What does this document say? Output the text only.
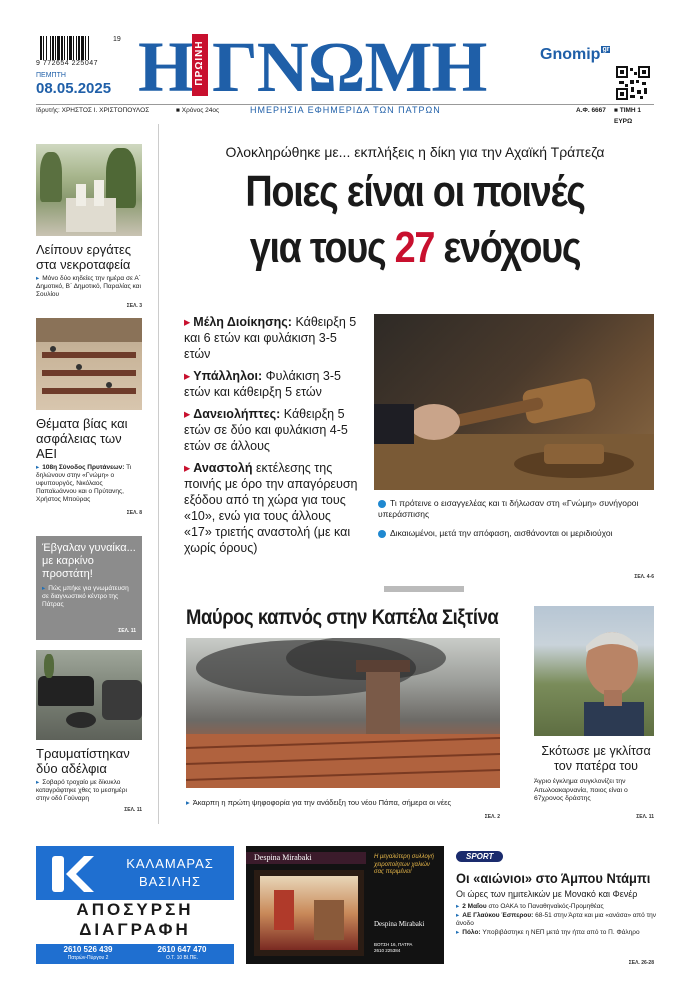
19
9 772654 225047
ΠΕΜΠΤΗ
08.05.2025 Η ΠΡΩΙΝΗ ΓΝΩΜΗ	Gnomip $^{gr}$
Ιδρυτής: ΧΡΗΣΤΟΣ Ι. ΧΡΙΣΤΟΠΟΥΛΟΣ	■ Χρόνος 24ος	ΗΜΕΡΗΣΙΑ ΕΦΗΜΕΡΙΔΑ ΤΩΝ ΠΑΤΡΩΝ	Α.Φ. 6667 ■ ΤΙΜΗ 1 ΕΥΡΩ
Λείπουν εργάτες στα νεκροταφεία
▸ Μόνο δύο κηδείες την ημέρα σε Α΄ Δημοτικό, Β΄ Δημοτικό, Παραλίας και Σουλίου
ΣΕΛ. 3
Θέματα βίας και ασφάλειας των ΑΕΙ
▸ 108η Σύνοδος Πρυτάνεων: Τι δηλώνουν στην «Γνώμη» ο υφυπουργός, Νικόλαος Παπαϊωάννου και ο Πρύτανης, Χρήστος Μπούρας
ΣΕΛ. 8
Έβγαλαν γυναίκα... με καρκίνο προστάτη!
▸ Πώς μπήκε για γνωμάτευση σε διαγνωστικό κέντρο της Πάτρας
ΣΕΛ. 11
Τραυματίστηκαν δύο αδέλφια
▸ Σοβαρό τροχαίο με δίκυκλο καταγράφτηκε χθες το μεσημέρι στην οδό Γούναρη
ΣΕΛ. 11
Ολοκληρώθηκε με... εκπλήξεις η δίκη για την Αχαϊκή Τράπεζα
Ποιες είναι οι ποινές
για τους 27 ενόχους
▸ Μέλη Διοίκησης: Κάθειρξη 5 και 6 ετών και φυλάκιση 3-5 ετών
▸ Υπάλληλοι: Φυλάκιση 3-5 ετών και κάθειρξη 5 ετών
▸ Δανειολήπτες: Κάθειρξη 5 ετών σε δύο και φυλάκιση 4-5 ετών σε άλλους
▸ Αναστολή εκτέλεσης της ποινής με όρο την απαγόρευση εξόδου από τη χώρα για τους «10», ενώ για τους άλλους «17» τριετής αναστολή (με και χωρίς όρους)
Τι πρότεινε ο εισαγγελέας και τι δήλωσαν στη «Γνώμη» συνήγοροι υπεράσπισης
Δικαιωμένοι, μετά την απόφαση, αισθάνονται οι μεριδιούχοι
ΣΕΛ. 4-6
Μαύρος καπνός στην Καπέλα Σιξτίνα
▸ Άκαρπη η πρώτη ψηφοφορία για την ανάδειξη του νέου Πάπα, σήμερα οι νέες
ΣΕΛ. 2
Σκότωσε με γκλίτσα τον πατέρα του
Άγριο έγκλημα συγκλονίζει την Αιτωλοακαρνανία, ποιος είναι ο 67χρονος δράστης
ΣΕΛ. 11
ΚΑΛΑΜΑΡΑΣ
ΒΑΣΙΛΗΣ
ΑΠΟΣΥΡΣΗ
ΔΙΑΓΡΑΦΗ
2610 526 439	2610 647 470
Πατρών-Πύργου 2	Ο.Τ. 10 ΒΙ.ΠΕ.
Despina Mirabaki	Η μεγαλύτερη συλλογή χειροποίητων χαλιών σας περιμένει!
Despina Mirabaki
ΒΟΤΣΗ 16, ΠΑΤΡΑ
2610 225384
SPORT
Οι «αιώνιοι» στο Άμπου Ντάμπι
Οι ώρες των ημιτελικών με Μονακό και Φενέρ
▸ 2 Μαΐου στο ΟΑΚΑ το Παναθηναϊκός-Προμηθέας
▸ ΑΕ Γλαύκου Έσπερου: 68-51 στην Άρτα και μια «ανάσα» από την άνοδο
▸ Πόλο: Υποβιβάστηκε η ΝΕΠ μετά την ήττα από το Π. Φάληρο
ΣΕΛ. 26-28
